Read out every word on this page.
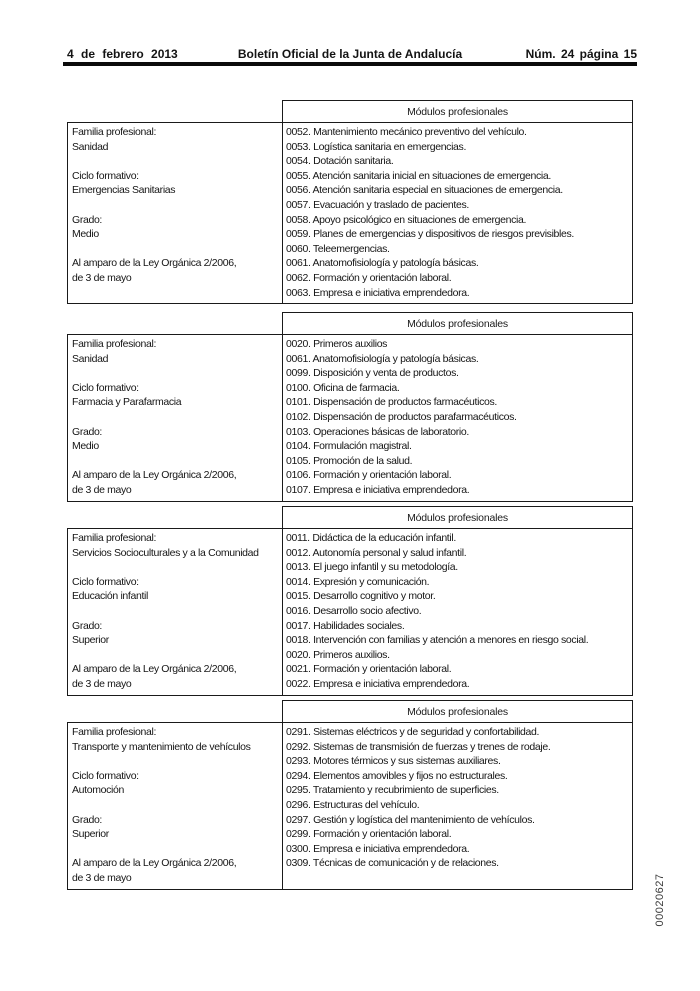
4 de febrero 2013	Boletín Oficial de la Junta de Andalucía	Núm. 24 página 15
Módulos profesionales
Familia profesional:
Sanidad

Ciclo formativo:
Emergencias Sanitarias

Grado:
Medio

Al amparo de la Ley Orgánica 2/2006,
de 3 de mayo
0052. Mantenimiento mecánico preventivo del vehículo.
0053. Logística sanitaria en emergencias.
0054. Dotación sanitaria.
0055. Atención sanitaria inicial en situaciones de emergencia.
0056. Atención sanitaria especial en situaciones de emergencia.
0057. Evacuación y traslado de pacientes.
0058. Apoyo psicológico en situaciones de emergencia.
0059. Planes de emergencias y dispositivos de riesgos previsibles.
0060. Teleemergencias.
0061. Anatomofisiología y patología básicas.
0062. Formación y orientación laboral.
0063. Empresa e iniciativa emprendedora.
Módulos profesionales
Familia profesional:
Sanidad

Ciclo formativo:
Farmacia y Parafarmacia

Grado:
Medio

Al amparo de la Ley Orgánica 2/2006,
de 3 de mayo
0020. Primeros auxilios
0061. Anatomofisiología y patología básicas.
0099. Disposición y venta de productos.
0100. Oficina de farmacia.
0101. Dispensación de productos farmacéuticos.
0102. Dispensación de productos parafarmacéuticos.
0103. Operaciones básicas de laboratorio.
0104. Formulación magistral.
0105. Promoción de la salud.
0106. Formación y orientación laboral.
0107. Empresa e iniciativa emprendedora.
Módulos profesionales
Familia profesional:
Servicios Socioculturales y a la Comunidad

Ciclo formativo:
Educación infantil

Grado:
Superior

Al amparo de la Ley Orgánica 2/2006,
de 3 de mayo
0011. Didáctica de la educación infantil.
0012. Autonomía personal y salud infantil.
0013. El juego infantil y su metodología.
0014. Expresión y comunicación.
0015. Desarrollo cognitivo y motor.
0016. Desarrollo socio afectivo.
0017. Habilidades sociales.
0018. Intervención con familias y atención a menores en riesgo social.
0020. Primeros auxilios.
0021. Formación y orientación laboral.
0022. Empresa e iniciativa emprendedora.
Módulos profesionales
Familia profesional:
Transporte y mantenimiento de vehículos

Ciclo formativo:
Automoción

Grado:
Superior

Al amparo de la Ley Orgánica 2/2006,
de 3 de mayo
0291. Sistemas eléctricos y de seguridad y confortabilidad.
0292. Sistemas de transmisión de fuerzas y trenes de rodaje.
0293. Motores térmicos y sus sistemas auxiliares.
0294. Elementos amovibles y fijos no estructurales.
0295. Tratamiento y recubrimiento de superficies.
0296. Estructuras del vehículo.
0297. Gestión y logística del mantenimiento de vehículos.
0299. Formación y orientación laboral.
0300. Empresa e iniciativa emprendedora.
0309. Técnicas de comunicación y de relaciones.
00020627
